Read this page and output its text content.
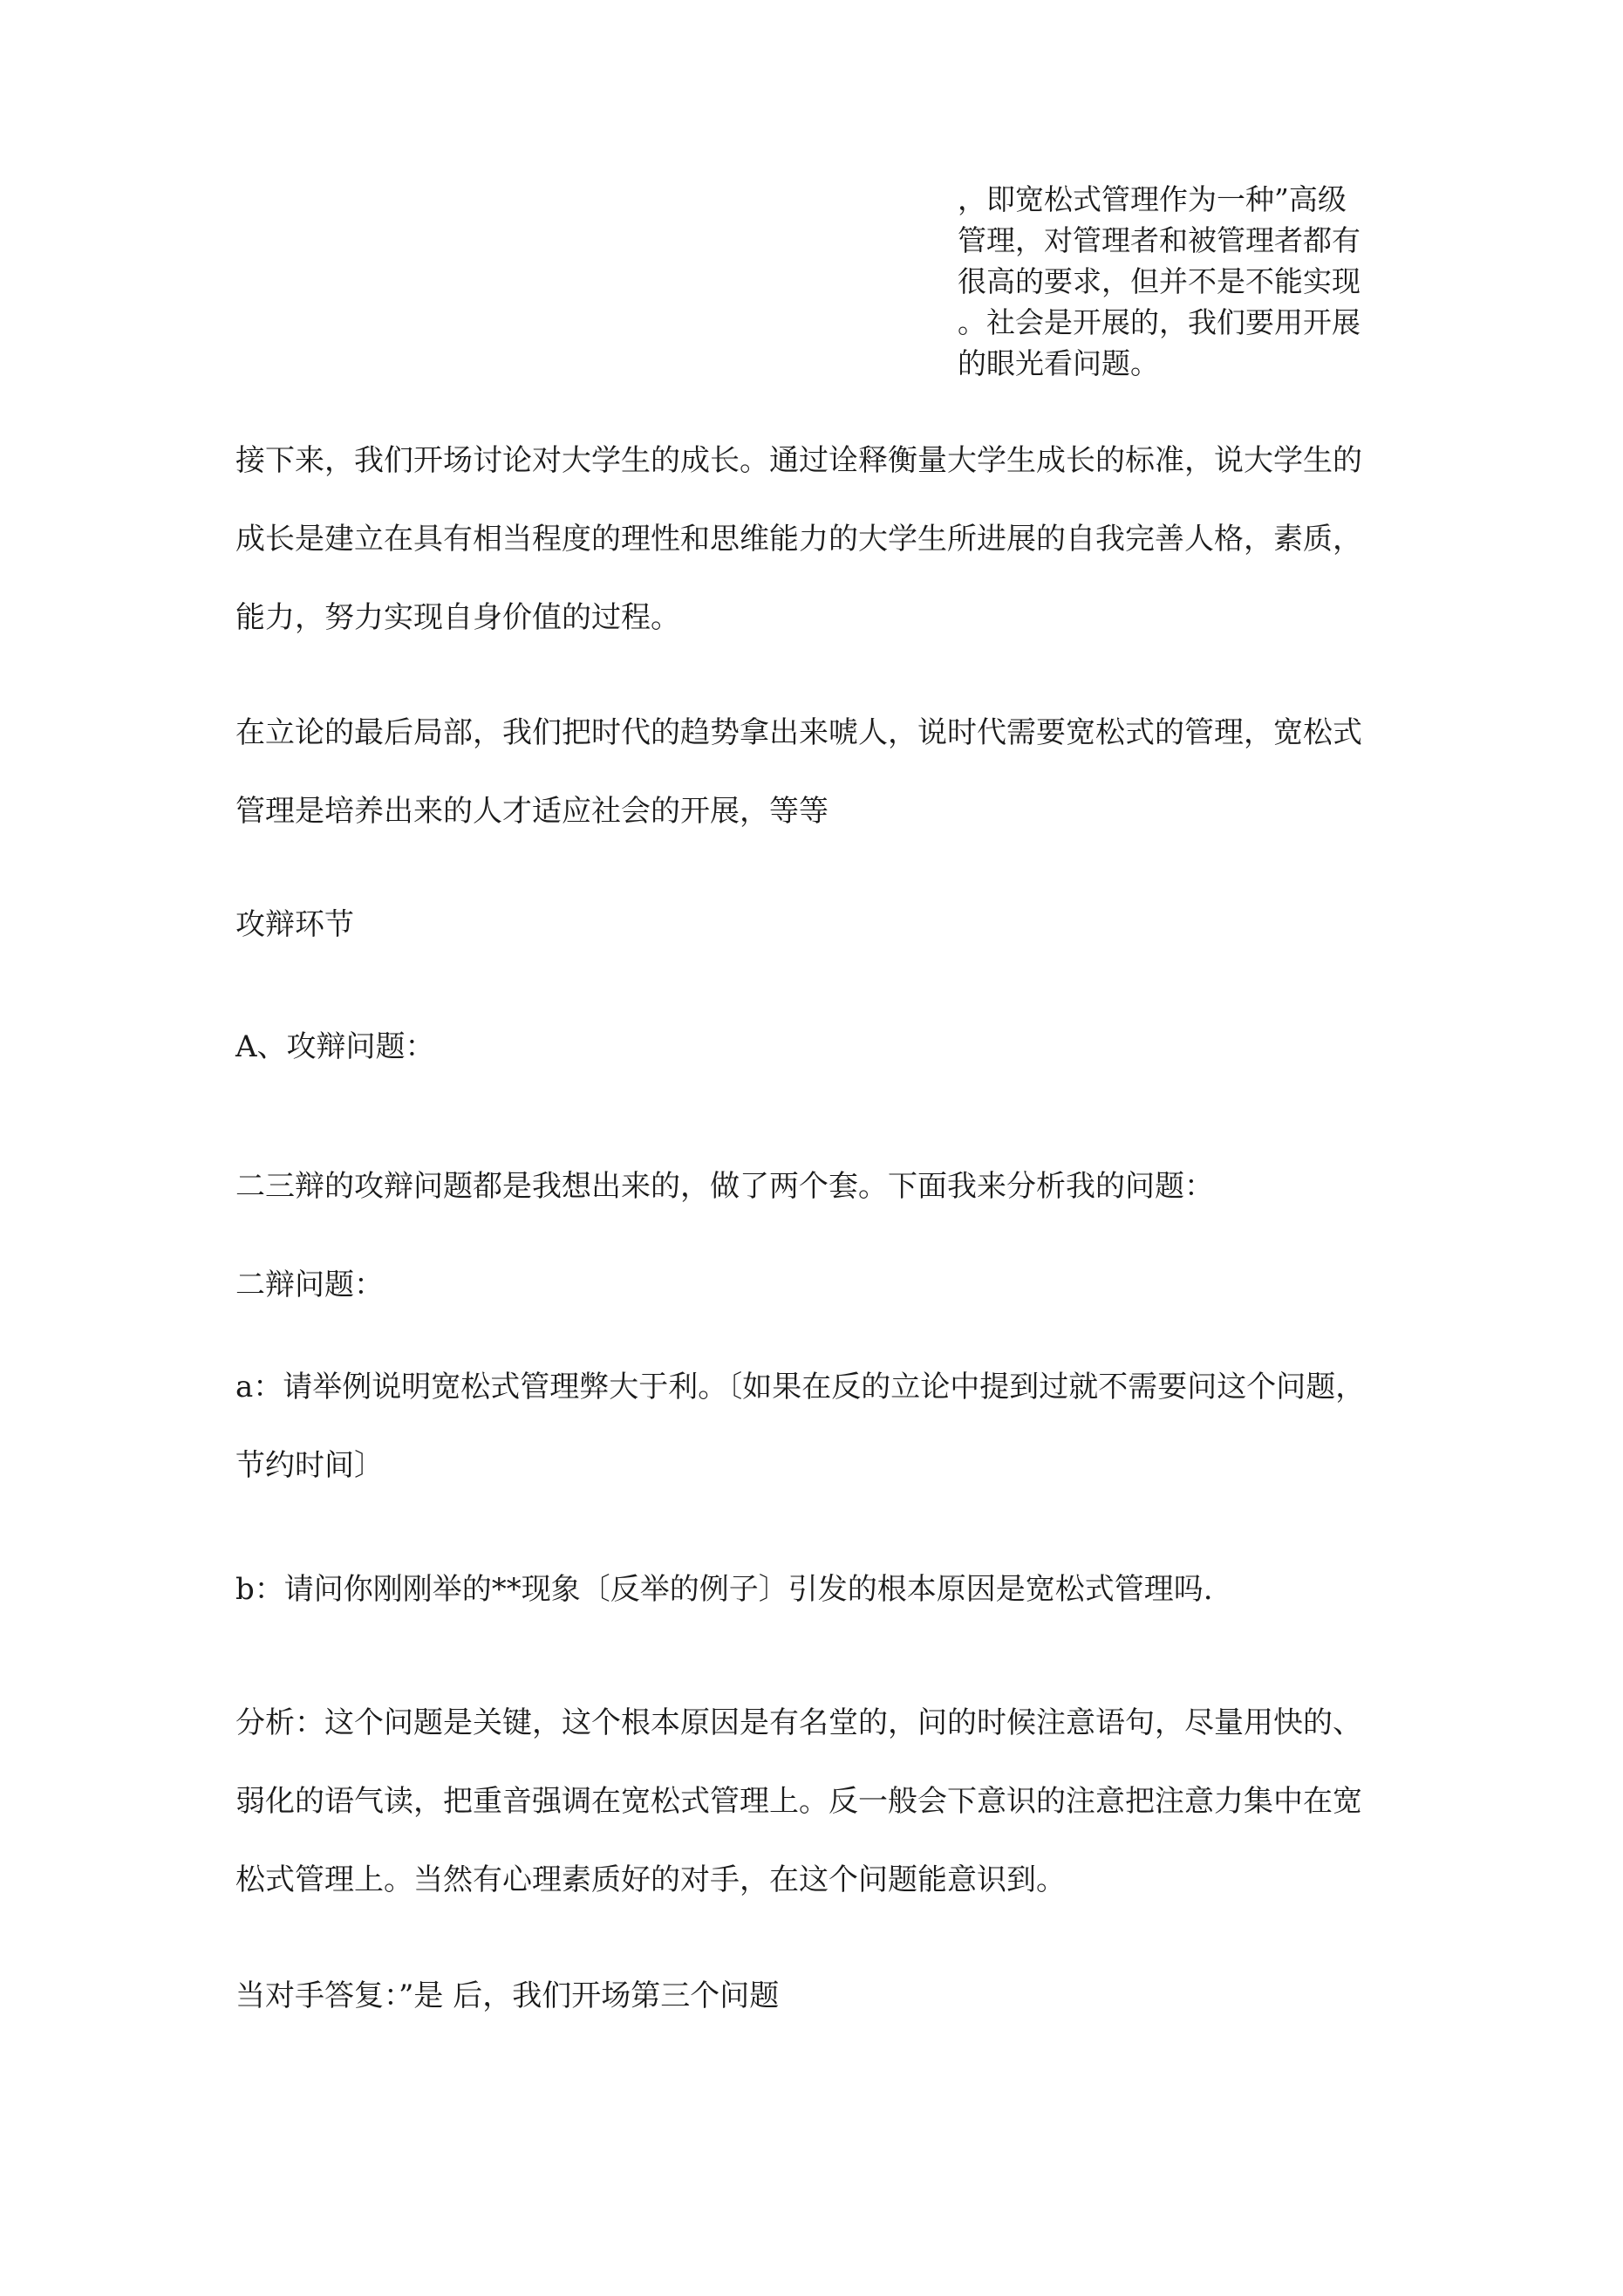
，即宽松式管理作为一种”高级
管理，对管理者和被管理者都有
很高的要求，但并不是不能实现
。社会是开展的，我们要用开展
的眼光看问题。
接下来，我们开场讨论对大学生的成长。通过诠释衡量大学生成长的标准，说大学生的
成长是建立在具有相当程度的理性和思维能力的大学生所进展的自我完善人格，素质，
能力，努力实现自身价值的过程。
在立论的最后局部，我们把时代的趋势拿出来唬人，说时代需要宽松式的管理，宽松式
管理是培养出来的人才适应社会的开展，等等
攻辩环节
A、攻辩问题：
二三辩的攻辩问题都是我想出来的，做了两个套。下面我来分析我的问题：
二辩问题：
a：请举例说明宽松式管理弊大于利。〔如果在反的立论中提到过就不需要问这个问题，
节约时间〕
b：请问你刚刚举的**现象〔反举的例子〕引发的根本原因是宽松式管理吗.
分析：这个问题是关键，这个根本原因是有名堂的，问的时候注意语句，尽量用快的、
弱化的语气读，把重音强调在宽松式管理上。反一般会下意识的注意把注意力集中在宽
松式管理上。当然有心理素质好的对手，在这个问题能意识到。
当对手答复：”是 后，我们开场第三个问题
